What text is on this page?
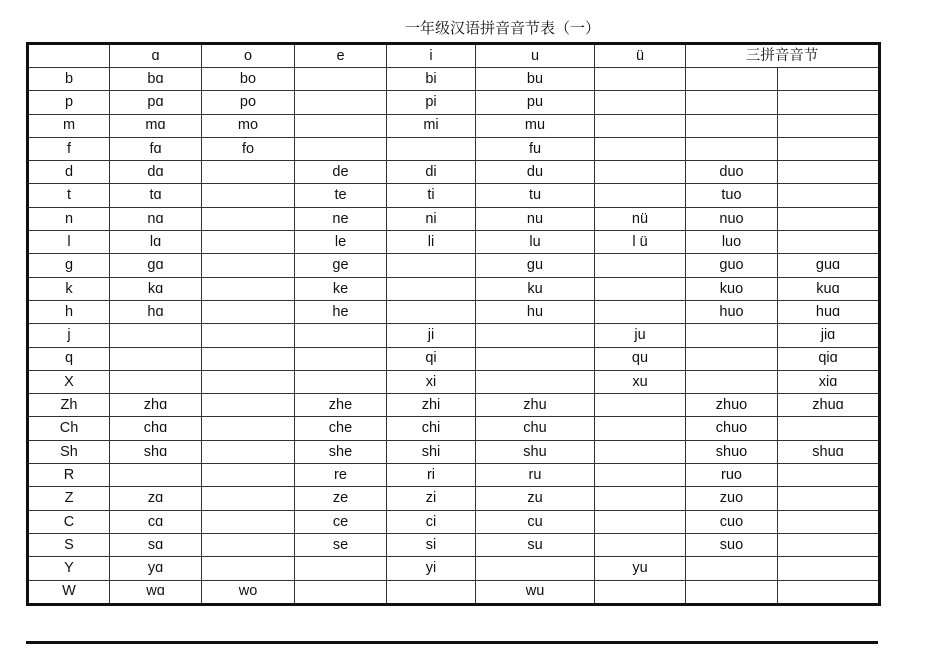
一年级汉语拼音音节表（一）
	ɑ	o	e	i	u	ü	三拼音音节	
b	bɑ	bo		bi	bu			
p	pɑ	po		pi	pu			
m	mɑ	mo		mi	mu			
f	fɑ	fo			fu			
d	dɑ		de	di	du		duo	
t	tɑ		te	ti	tu		tuo	
n	nɑ		ne	ni	nu	nü	nuo	
l	lɑ		le	li	lu	l ü	luo	
g	gɑ		ge		gu		guo	guɑ
k	kɑ		ke		ku		kuo	kuɑ
h	hɑ		he		hu		huo	huɑ
j				ji		ju		jiɑ
q				qi		qu		qiɑ
X				xi		xu		xiɑ
Zh	zhɑ		zhe	zhi	zhu		zhuo	zhuɑ
Ch	chɑ		che	chi	chu		chuo	
Sh	shɑ		she	shi	shu		shuo	shuɑ
R			re	ri	ru		ruo	
Z	zɑ		ze	zi	zu		zuo	
C	cɑ		ce	ci	cu		cuo	
S	sɑ		se	si	su		suo	
Y	yɑ			yi		yu		
W	wɑ	wo			wu			
